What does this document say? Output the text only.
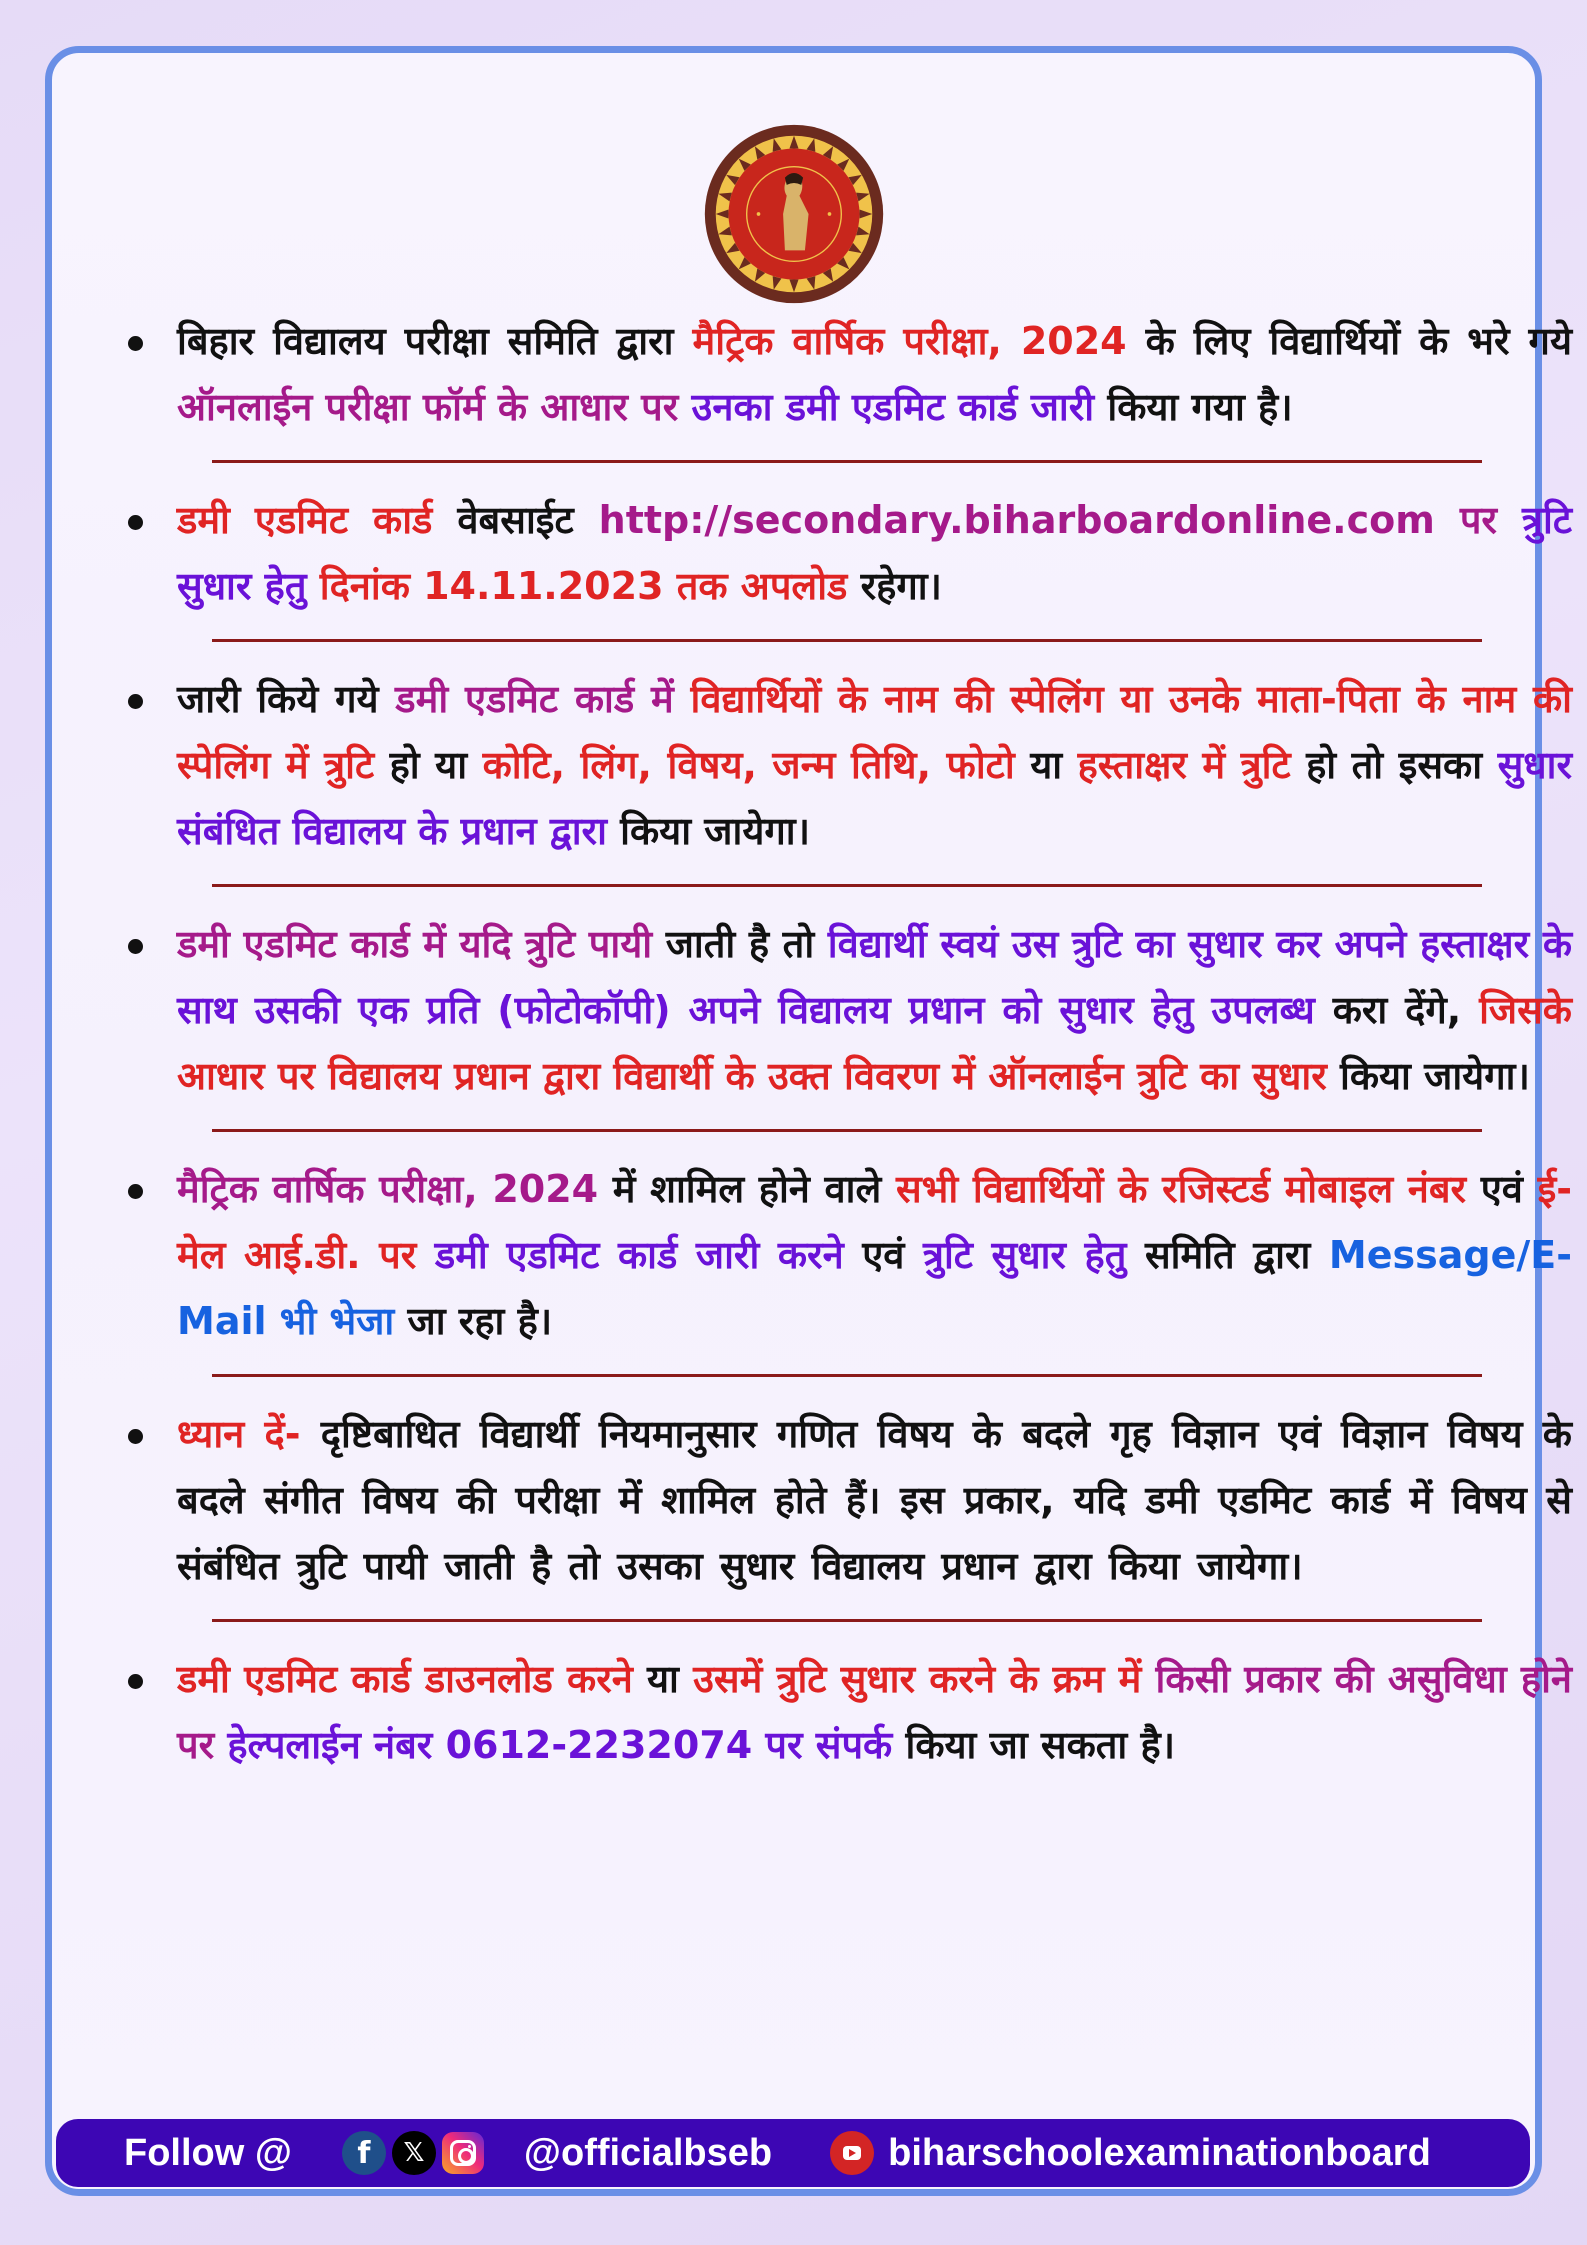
बिहार विद्यालय परीक्षा समिति द्वारा मैट्रिक वार्षिक परीक्षा, 2024 के लिए विद्यार्थियों के भरे गये ऑनलाईन परीक्षा फॉर्म के आधार पर उनका डमी एडमिट कार्ड जारी किया गया है।
डमी एडमिट कार्ड वेबसाईट http://secondary.biharboardonline.com पर त्रुटि सुधार हेतु दिनांक 14.11.2023 तक अपलोड रहेगा।
जारी किये गये डमी एडमिट कार्ड में विद्यार्थियों के नाम की स्पेलिंग या उनके माता-पिता के नाम की स्पेलिंग में त्रुटि हो या कोटि, लिंग, विषय, जन्म तिथि, फोटो या हस्ताक्षर में त्रुटि हो तो इसका सुधार संबंधित विद्यालय के प्रधान द्वारा किया जायेगा।
डमी एडमिट कार्ड में यदि त्रुटि पायी जाती है तो विद्यार्थी स्वयं उस त्रुटि का सुधार कर अपने हस्ताक्षर के साथ उसकी एक प्रति (फोटोकॉपी) अपने विद्यालय प्रधान को सुधार हेतु उपलब्ध करा देंगे, जिसके आधार पर विद्यालय प्रधान द्वारा विद्यार्थी के उक्त विवरण में ऑनलाईन त्रुटि का सुधार किया जायेगा।
मैट्रिक वार्षिक परीक्षा, 2024 में शामिल होने वाले सभी विद्यार्थियों के रजिस्टर्ड मोबाइल नंबर एवं ई-मेल आई.डी. पर डमी एडमिट कार्ड जारी करने एवं त्रुटि सुधार हेतु समिति द्वारा Message/E-Mail भी भेजा जा रहा है।
ध्यान दें- दृष्टिबाधित विद्यार्थी नियमानुसार गणित विषय के बदले गृह विज्ञान एवं विज्ञान विषय के बदले संगीत विषय की परीक्षा में शामिल होते हैं। इस प्रकार, यदि डमी एडमिट कार्ड में विषय से संबंधित त्रुटि पायी जाती है तो उसका सुधार विद्यालय प्रधान द्वारा किया जायेगा।
डमी एडमिट कार्ड डाउनलोड करने या उसमें त्रुटि सुधार करने के क्रम में किसी प्रकार की असुविधा होने पर हेल्पलाईन नंबर 0612-2232074 पर संपर्क किया जा सकता है।
Follow @	f	𝕏	@officialbseb	biharschoolexaminationboard
